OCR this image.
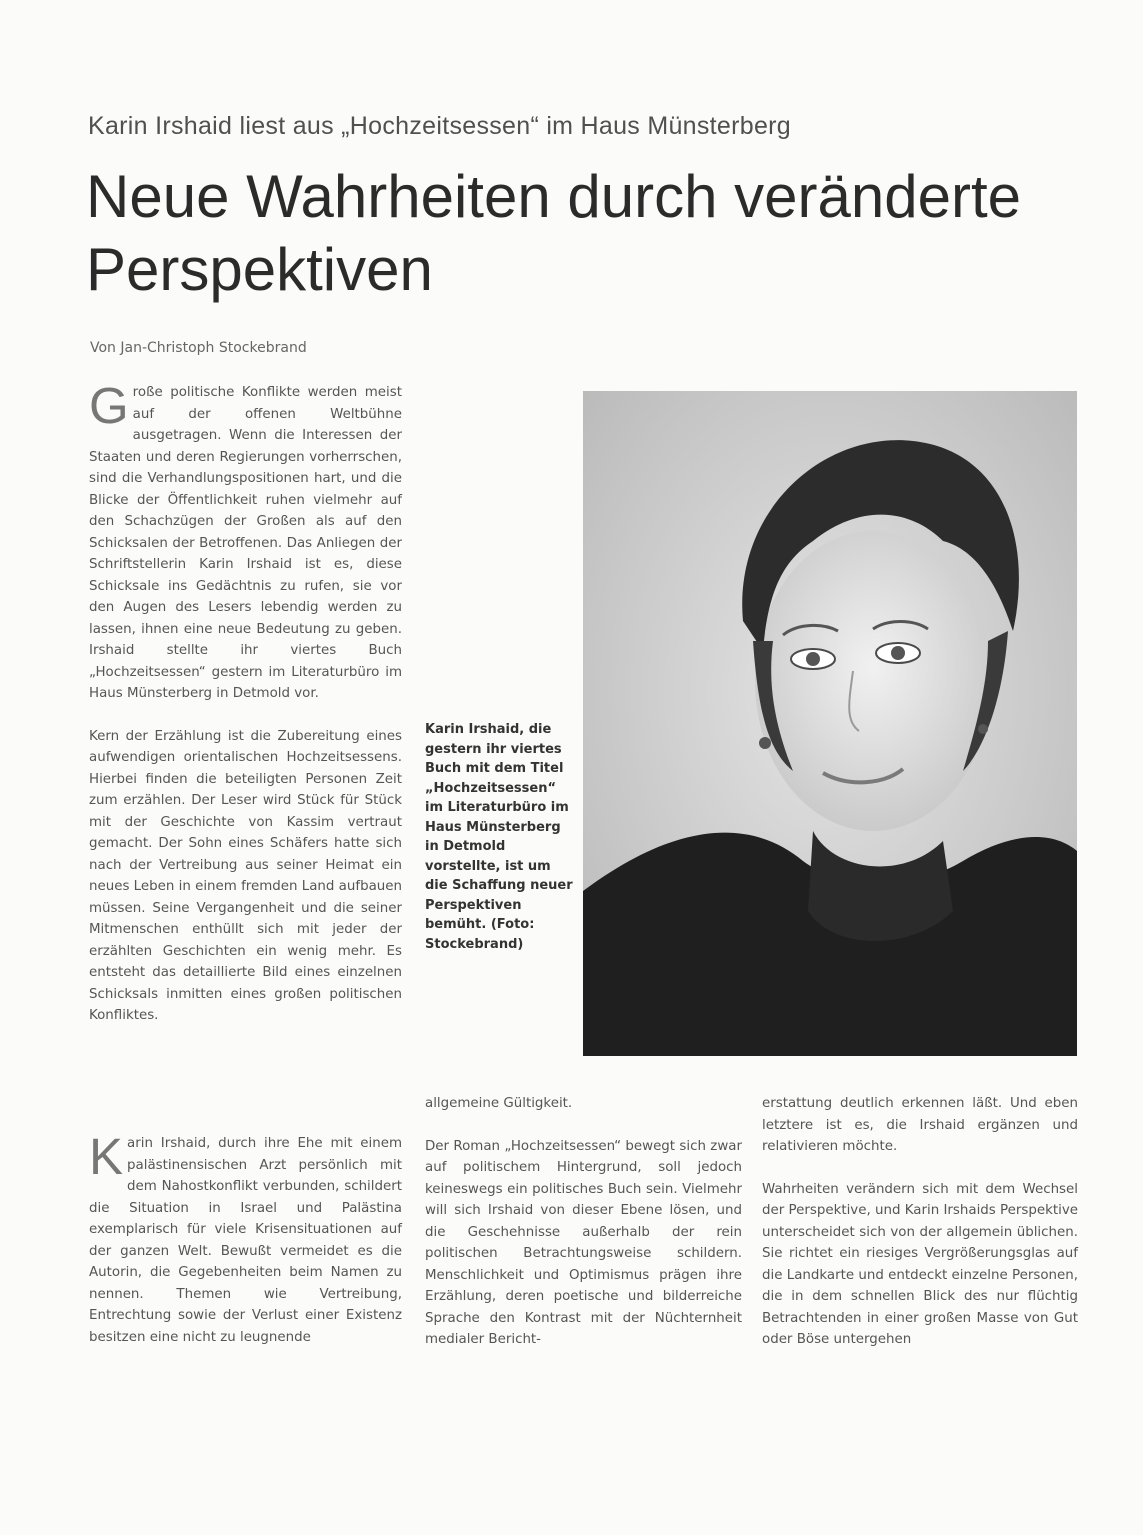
Karin Irshaid liest aus „Hochzeitsessen“ im Haus Münsterberg
Neue Wahrheiten durch veränderte Perspektiven
Von Jan-Christoph Stockebrand

Große politische Konflikte werden meist auf der offenen Weltbühne ausgetragen. Wenn die Interessen der Staaten und deren Regierungen vorherrschen, sind die Verhandlungspositionen hart, und die Blicke der Öffentlichkeit ruhen vielmehr auf den Schachzügen der Großen als auf den Schicksalen der Betroffenen. Das Anliegen der Schriftstellerin Karin Irshaid ist es, diese Schicksale ins Gedächtnis zu rufen, sie vor den Augen des Lesers lebendig werden zu lassen, ihnen eine neue Bedeutung zu geben. Irshaid stellte ihr viertes Buch „Hochzeitsessen“ gestern im Literaturbüro im Haus Münsterberg in Detmold vor.

Kern der Erzählung ist die Zubereitung eines aufwendigen orientalischen Hochzeitsessens. Hierbei finden die beteiligten Personen Zeit zum erzählen. Der Leser wird Stück für Stück mit der Geschichte von Kassim vertraut gemacht. Der Sohn eines Schäfers hatte sich nach der Vertreibung aus seiner Heimat ein neues Leben in einem fremden Land aufbauen müssen. Seine Vergangenheit und die seiner Mitmenschen enthüllt sich mit jeder der erzählten Geschichten ein wenig mehr. Es entsteht das detaillierte Bild eines einzelnen Schicksals inmitten eines großen politischen Konfliktes.

Karin Irshaid, durch ihre Ehe mit einem palästinensischen Arzt persönlich mit dem Nahostkonflikt verbunden, schildert die Situation in Israel und Palästina exemplarisch für viele Krisensituationen auf der ganzen Welt. Bewußt vermeidet es die Autorin, die Gegebenheiten beim Namen zu nennen. Themen wie Vertreibung, Entrechtung sowie der Verlust einer Existenz besitzen eine nicht zu leugnende

allgemeine Gültigkeit.

Der Roman „Hochzeitsessen“ bewegt sich zwar auf politischem Hintergrund, soll jedoch keineswegs ein politisches Buch sein. Vielmehr will sich Irshaid von dieser Ebene lösen, und die Geschehnisse außerhalb der rein politischen Betrachtungsweise schildern. Menschlichkeit und Optimismus prägen ihre Erzählung, deren poetische und bilderreiche Sprache den Kontrast mit der Nüchternheit medialer Bericht-

erstattung deutlich erkennen läßt. Und eben letztere ist es, die Irshaid ergänzen und relativieren möchte.

Wahrheiten verändern sich mit dem Wechsel der Perspektive, und Karin Irshaids Perspektive unterscheidet sich von der allgemein üblichen. Sie richtet ein riesiges Vergrößerungsglas auf die Landkarte und entdeckt einzelne Personen, die in dem schnellen Blick des nur flüchtig Betrachtenden in einer großen Masse von Gut oder Böse untergehen

Karin Irshaid, die gestern ihr viertes Buch mit dem Titel „Hochzeitsessen“ im Literaturbüro im Haus Münsterberg in Detmold vorstellte, ist um die Schaffung neuer Perspektiven bemüht. (Foto: Stockebrand)
